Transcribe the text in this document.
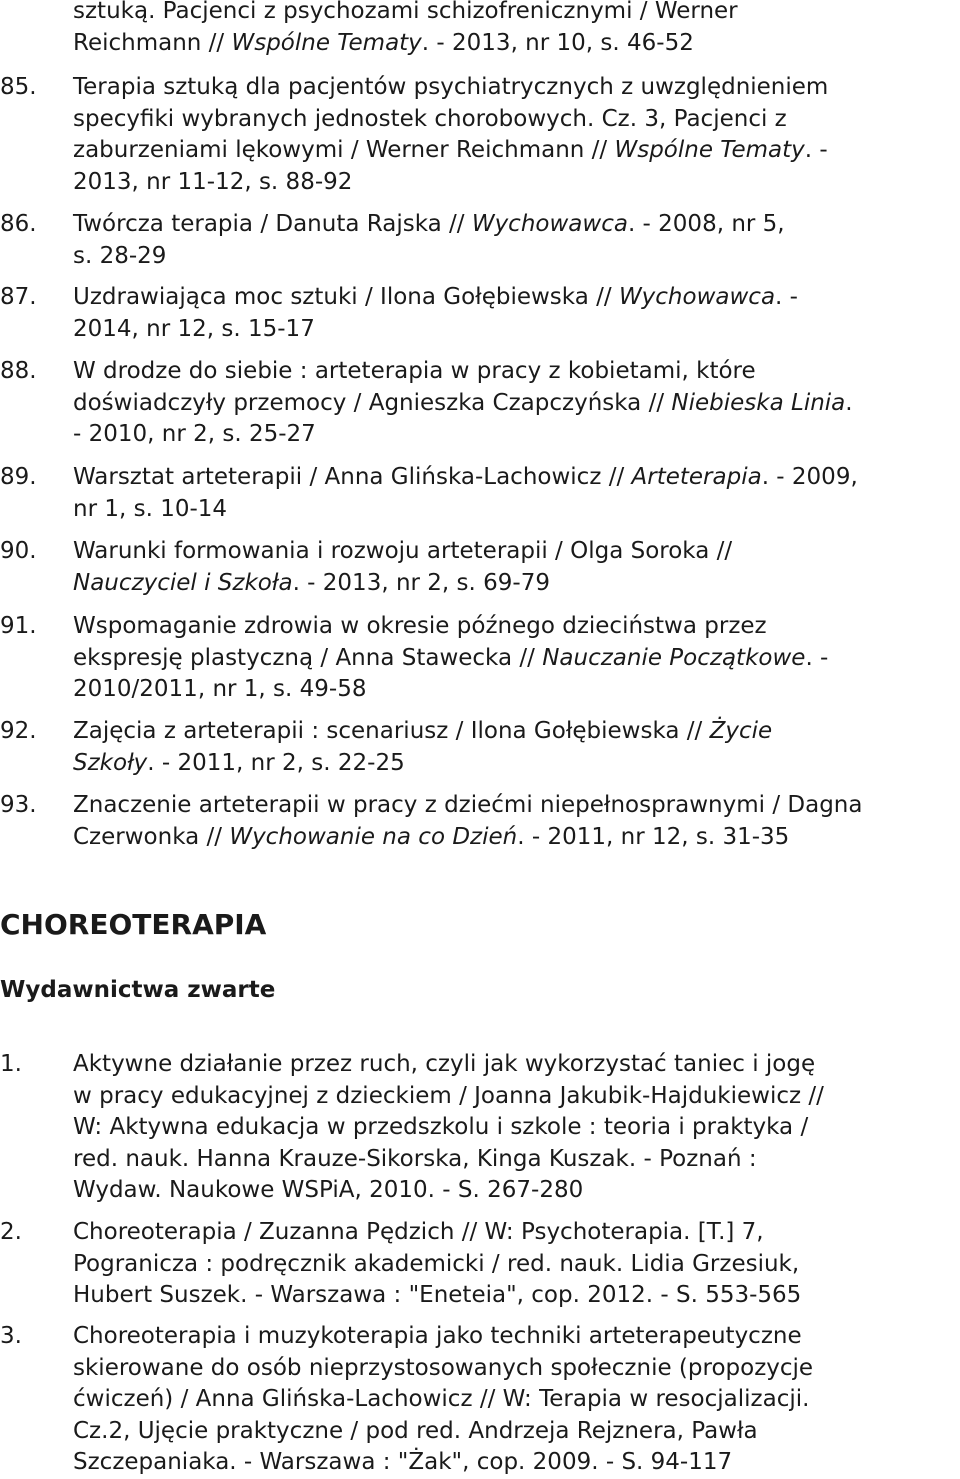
sztuką. Pacjenci z psychozami schizofrenicznymi / Werner
Reichmann // Wspólne Tematy. - 2013, nr 10, s. 46-52
85. Terapia sztuką dla pacjentów psychiatrycznych z uwzględnieniem
specyfiki wybranych jednostek chorobowych. Cz. 3, Pacjenci z
zaburzeniami lękowymi / Werner Reichmann // Wspólne Tematy. -
2013, nr 11-12, s. 88-92
86. Twórcza terapia / Danuta Rajska // Wychowawca. - 2008, nr 5,
s. 28-29
87. Uzdrawiająca moc sztuki / Ilona Gołębiewska // Wychowawca. -
2014, nr 12, s. 15-17
88. W drodze do siebie : arteterapia w pracy z kobietami, które
doświadczyły przemocy / Agnieszka Czapczyńska // Niebieska Linia.
- 2010, nr 2, s. 25-27
89. Warsztat arteterapii / Anna Glińska-Lachowicz // Arteterapia. - 2009,
nr 1, s. 10-14
90. Warunki formowania i rozwoju arteterapii / Olga Soroka //
Nauczyciel i Szkoła. - 2013, nr 2, s. 69-79
91. Wspomaganie zdrowia w okresie późnego dzieciństwa przez
ekspresję plastyczną / Anna Stawecka // Nauczanie Początkowe. -
2010/2011, nr 1, s. 49-58
92. Zajęcia z arteterapii : scenariusz / Ilona Gołębiewska // Życie
Szkoły. - 2011, nr 2, s. 22-25
93. Znaczenie arteterapii w pracy z dziećmi niepełnosprawnymi / Dagna
Czerwonka // Wychowanie na co Dzień. - 2011, nr 12, s. 31-35
CHOREOTERAPIA
Wydawnictwa zwarte
1. Aktywne działanie przez ruch, czyli jak wykorzystać taniec i jogę
w pracy edukacyjnej z dzieckiem / Joanna Jakubik-Hajdukiewicz //
W: Aktywna edukacja w przedszkolu i szkole : teoria i praktyka /
red. nauk. Hanna Krauze-Sikorska, Kinga Kuszak. - Poznań :
Wydaw. Naukowe WSPiA, 2010. - S. 267-280
2. Choreoterapia / Zuzanna Pędzich // W: Psychoterapia. [T.] 7,
Pogranicza : podręcznik akademicki / red. nauk. Lidia Grzesiuk,
Hubert Suszek. - Warszawa : "Eneteia", cop. 2012. - S. 553-565
3. Choreoterapia i muzykoterapia jako techniki arteterapeutyczne
skierowane do osób nieprzystosowanych społecznie (propozycje
ćwiczeń) / Anna Glińska-Lachowicz // W: Terapia w resocjalizacji.
Cz.2, Ujęcie praktyczne / pod red. Andrzeja Rejznera, Pawła
Szczepaniaka. - Warszawa : "Żak", cop. 2009. - S. 94-117
